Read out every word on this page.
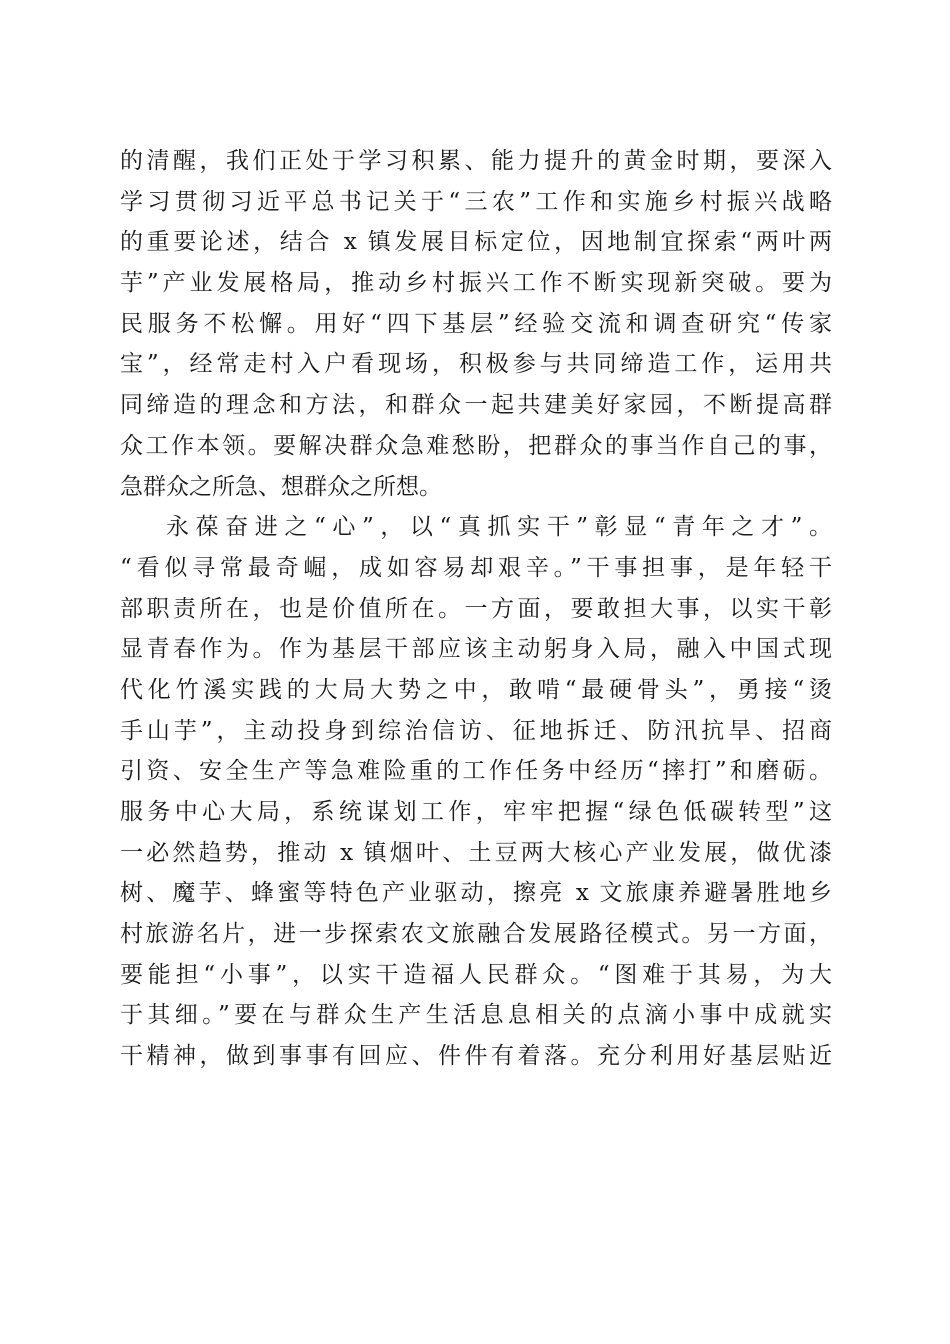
的清醒，我们正处于学习积累、能力提升的黄金时期，要深入
学习贯彻习近平总书记关于“三农”工作和实施乡村振兴战略
的重要论述，结合 x 镇发展目标定位，因地制宜探索“两叶两
芋”产业发展格局，推动乡村振兴工作不断实现新突破。要为
民服务不松懈。用好“四下基层”经验交流和调查研究“传家
宝”，经常走村入户看现场，积极参与共同缔造工作，运用共
同缔造的理念和方法，和群众一起共建美好家园，不断提高群
众工作本领。要解决群众急难愁盼，把群众的事当作自己的事，
急群众之所急、想群众之所想。
永葆奋进之“心”，以“真抓实干”彰显“青年之才”。
“看似寻常最奇崛，成如容易却艰辛。”干事担事，是年轻干
部职责所在，也是价值所在。一方面，要敢担大事，以实干彰
显青春作为。作为基层干部应该主动躬身入局，融入中国式现
代化竹溪实践的大局大势之中，敢啃“最硬骨头”，勇接“烫
手山芋”，主动投身到综治信访、征地拆迁、防汛抗旱、招商
引资、安全生产等急难险重的工作任务中经历“摔打”和磨砺。
服务中心大局，系统谋划工作，牢牢把握“绿色低碳转型”这
一必然趋势，推动 x 镇烟叶、土豆两大核心产业发展，做优漆
树、魔芋、蜂蜜等特色产业驱动，擦亮 x 文旅康养避暑胜地乡
村旅游名片，进一步探索农文旅融合发展路径模式。另一方面，
要能担“小事”，以实干造福人民群众。“图难于其易，为大
于其细。”要在与群众生产生活息息相关的点滴小事中成就实
干精神，做到事事有回应、件件有着落。充分利用好基层贴近
